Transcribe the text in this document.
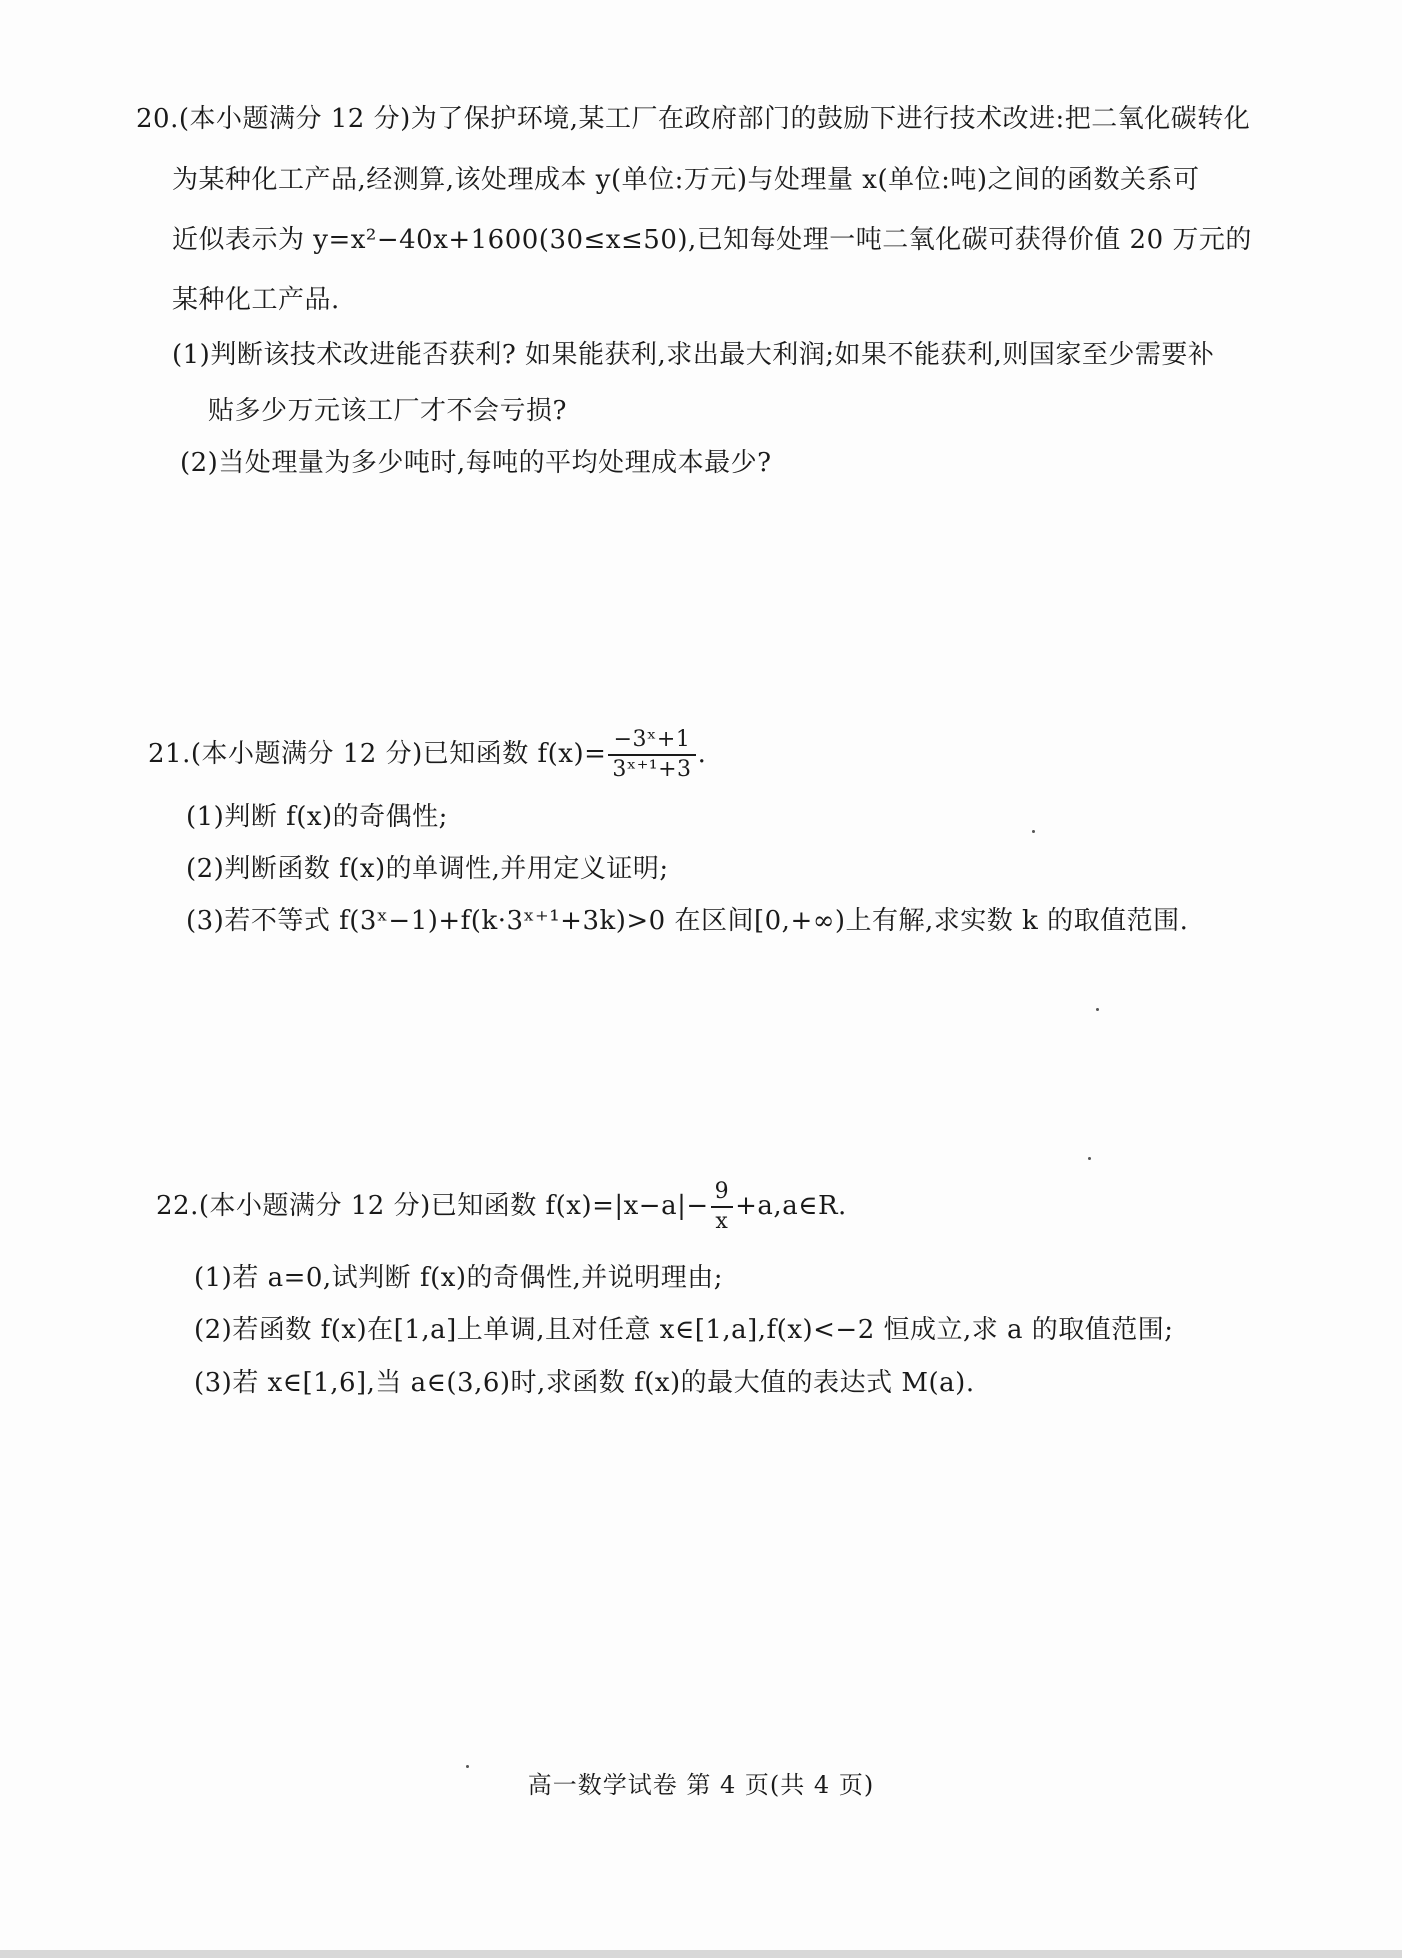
20.(本小题满分 12 分)为了保护环境,某工厂在政府部门的鼓励下进行技术改进:把二氧化碳转化
为某种化工产品,经测算,该处理成本 y(单位:万元)与处理量 x(单位:吨)之间的函数关系可
近似表示为 y=x²−40x+1600(30≤x≤50),已知每处理一吨二氧化碳可获得价值 20 万元的
某种化工产品.
(1)判断该技术改进能否获利? 如果能获利,求出最大利润;如果不能获利,则国家至少需要补
贴多少万元该工厂才不会亏损?
(2)当处理量为多少吨时,每吨的平均处理成本最少?
21.(本小题满分 12 分)已知函数 $f(x)= \frac{\text{−3ˣ+1}}{\text{3ˣ⁺¹+3}}$ .
(1)判断 f(x)的奇偶性;
(2)判断函数 f(x)的单调性,并用定义证明;
(3)若不等式 f(3ˣ−1)+f(k·3ˣ⁺¹+3k)>0 在区间[0,+∞)上有解,求实数 k 的取值范围.
22.(本小题满分 12 分)已知函数 $f(x)=|x-a|- \frac{9}{x}$ +a,a∈R.
(1)若 a=0,试判断 f(x)的奇偶性,并说明理由;
(2)若函数 f(x)在[1,a]上单调,且对任意 x∈[1,a],f(x)<−2 恒成立,求 a 的取值范围;
(3)若 x∈[1,6],当 a∈(3,6)时,求函数 f(x)的最大值的表达式 M(a).
高一数学试卷 第 4 页(共 4 页)
